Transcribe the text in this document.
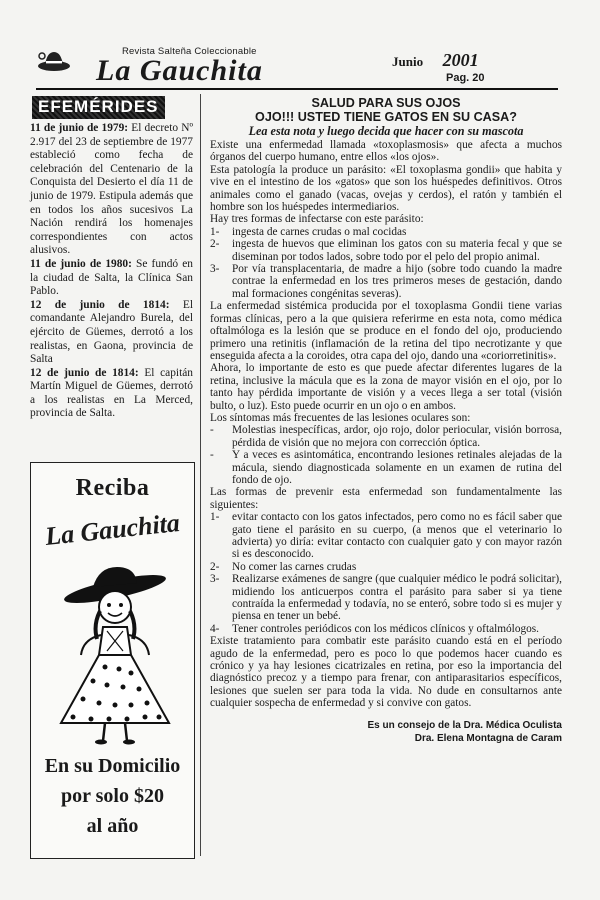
Revista Salteña Coleccionable
La Gauchita	Junio 2001
Pag. 20
EFEMÉRIDES

11 de junio de 1979: El decreto Nº 2.917 del 23 de septiembre de 1977 estableció como fecha de celebración del Centenario de la Conquista del Desierto el día 11 de junio de 1979. Estipula además que en todos los años sucesivos La Nación rendirá los homenajes correspondientes con actos alusivos.

11 de junio de 1980: Se fundó en la ciudad de Salta, la Clínica San Pablo.

12 de junio de 1814: El comandante Alejandro Burela, del ejército de Güemes, derrotó a los realistas, en Gaona, provincia de Salta

12 de junio de 1814: El capitán Martín Miguel de Güemes, derrotó a los realistas en La Merced, provincia de Salta.

Reciba
La Gauchita
En su Domicilio
por solo $20
al año
SALUD PARA SUS OJOS
OJO!!! USTED TIENE GATOS EN SU CASA?
Lea esta nota y luego decida que hacer con su mascota

Existe una enfermedad llamada «toxoplasmosis» que afecta a muchos órganos del cuerpo humano, entre ellos «los ojos».

Esta patología la produce un parásito: «El toxoplasma gondii» que habita y vive en el intestino de los «gatos» que son los huéspedes definitivos. Otros animales como el ganado (vacas, ovejas y cerdos), el ratón y también el hombre son los huéspedes intermediarios.

Hay tres formas de infectarse con este parásito:

1-	ingesta de carnes crudas o mal cocidas
2-	ingesta de huevos que eliminan los gatos con su materia fecal y que se diseminan por todos lados, sobre todo por el pelo del propio animal.
3-	Por vía transplacentaria, de madre a hijo (sobre todo cuando la madre contrae la enfermedad en los tres primeros meses de gestación, dando mal formaciones congénitas severas).

La enfermedad sistémica producida por el toxoplasma Gondii tiene varias formas clínicas, pero a la que quisiera referirme en esta nota, como médica oftalmóloga es la lesión que se produce en el fondo del ojo, produciendo primero una retinitis (inflamación de la retina del tipo necrotizante y que enseguida afecta a la coroides, otra capa del ojo, dando una «coriorretinitis».

Ahora, lo importante de esto es que puede afectar diferentes lugares de la retina, inclusive la mácula que es la zona de mayor visión en el ojo, por lo tanto hay pérdida importante de visión y a veces llega a ser total (visión bulto, o luz). Esto puede ocurrir en un ojo o en ambos.

Los síntomas más frecuentes de las lesiones oculares son:

-	Molestias inespecíficas, ardor, ojo rojo, dolor periocular, visión borrosa, pérdida de visión que no mejora con corrección óptica.
-	Y a veces es asintomática, encontrando lesiones retinales alejadas de la mácula, siendo diagnosticada solamente en un examen de rutina del fondo de ojo.

Las formas de prevenir esta enfermedad son fundamentalmente las siguientes:

1-	evitar contacto con los gatos infectados, pero como no es fácil saber que gato tiene el parásito en su cuerpo, (a menos que el veterinario lo advierta) yo diría: evitar contacto con cualquier gato y con mayor razón si es desconocido.
2-	No comer las carnes crudas
3-	Realizarse exámenes de sangre (que cualquier médico le podrá solicitar), midiendo los anticuerpos contra el parásito para saber si ya tiene contraída la enfermedad y todavía, no se enteró, sobre todo si es mujer y piensa en tener un bebé.
4-	Tener controles periódicos con los médicos clínicos y oftalmólogos.

Existe tratamiento para combatir este parásito cuando está en el período agudo de la enfermedad, pero es poco lo que podemos hacer cuando es crónico y ya hay lesiones cicatrizales en retina, por eso la importancia del diagnóstico precoz y a tiempo para frenar, con antiparasitarios específicos, lesiones que suelen ser para toda la vida. No dude en consultarnos ante cualquier sospecha de enfermedad y si convive con gatos.

Es un consejo de la Dra. Médica Oculista
Dra. Elena Montagna de Caram
